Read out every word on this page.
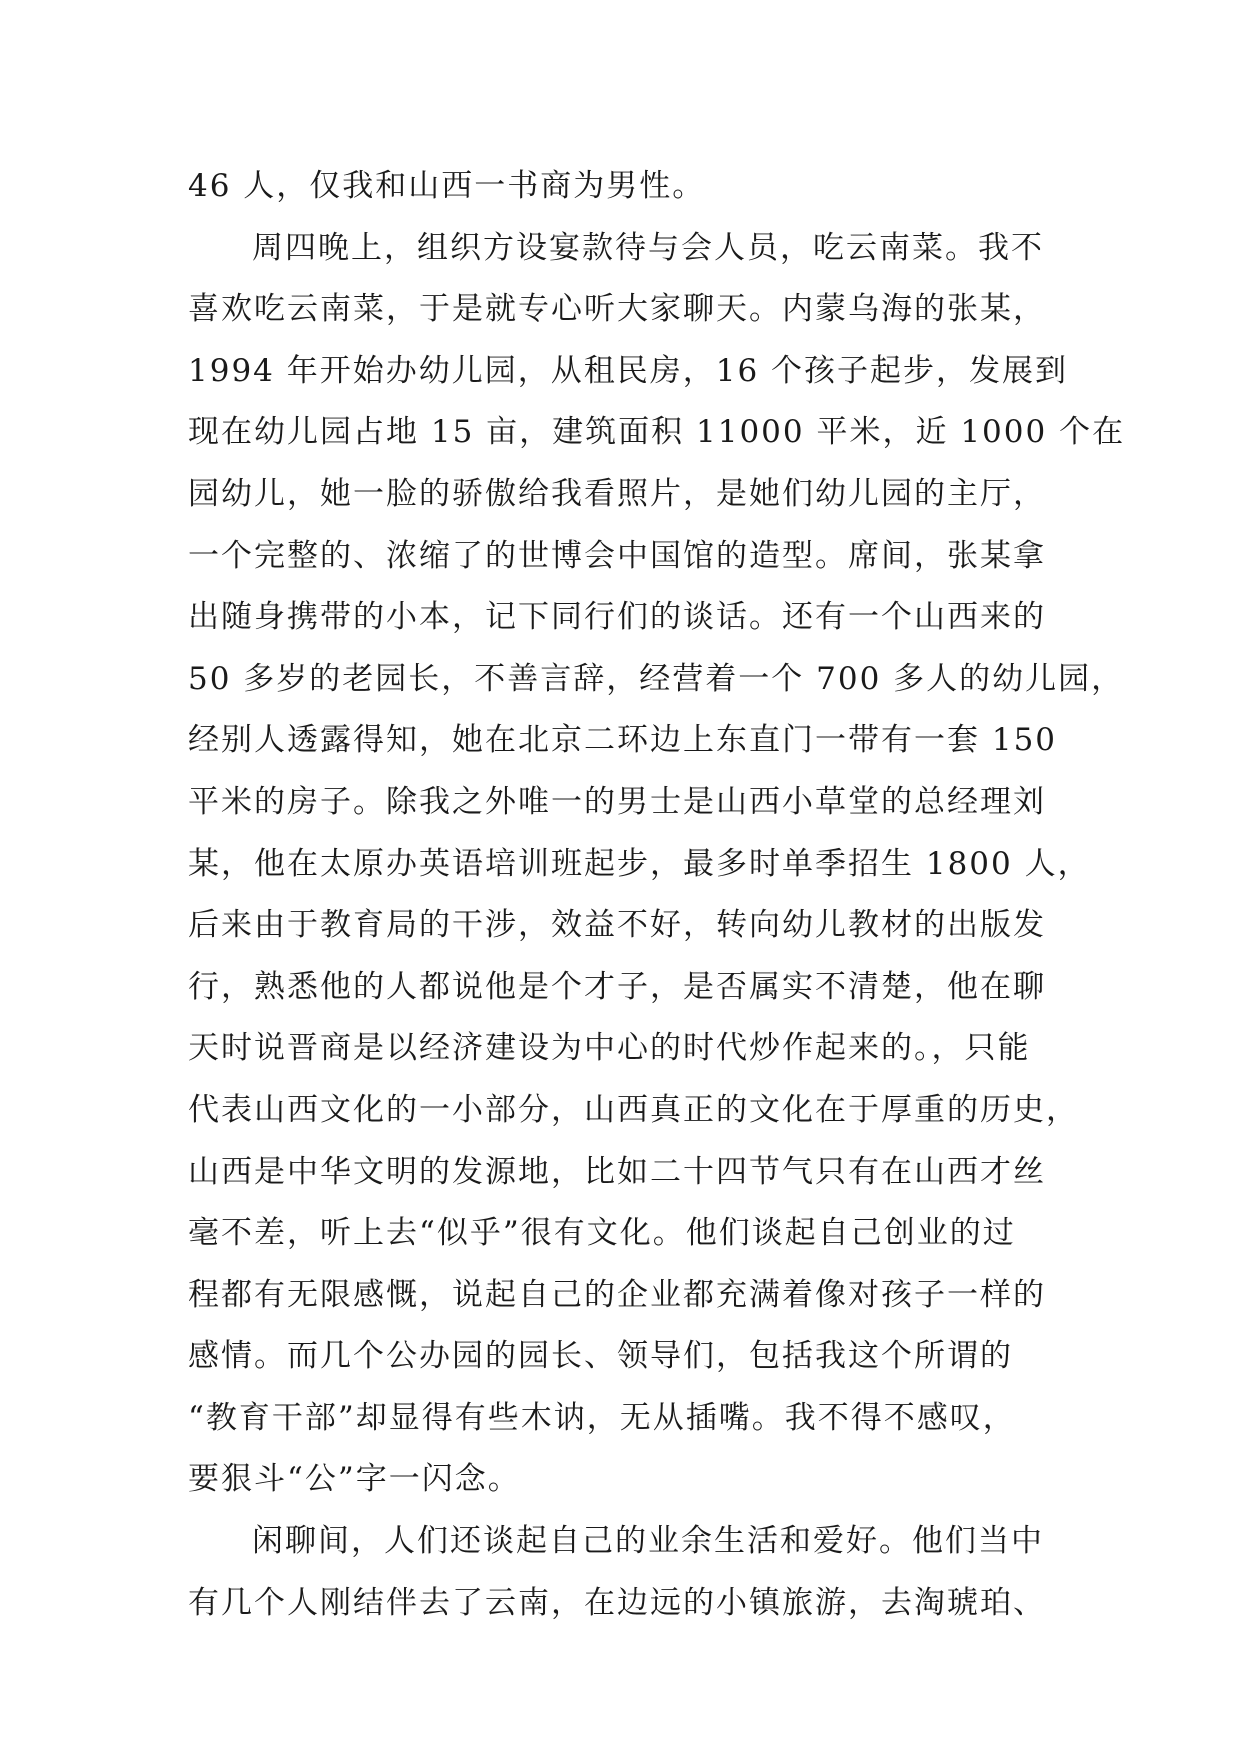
46 人，仅我和山西一书商为男性。
周四晚上，组织方设宴款待与会人员，吃云南菜。我不
喜欢吃云南菜，于是就专心听大家聊天。内蒙乌海的张某，
1994 年开始办幼儿园，从租民房，16 个孩子起步，发展到
现在幼儿园占地 15 亩，建筑面积 11000 平米，近 1000 个在
园幼儿，她一脸的骄傲给我看照片，是她们幼儿园的主厅，
一个完整的、浓缩了的世博会中国馆的造型。席间，张某拿
出随身携带的小本，记下同行们的谈话。还有一个山西来的
50 多岁的老园长，不善言辞，经营着一个 700 多人的幼儿园，
经别人透露得知，她在北京二环边上东直门一带有一套 150
平米的房子。除我之外唯一的男士是山西小草堂的总经理刘
某，他在太原办英语培训班起步，最多时单季招生 1800 人，
后来由于教育局的干涉，效益不好，转向幼儿教材的出版发
行，熟悉他的人都说他是个才子，是否属实不清楚，他在聊
天时说晋商是以经济建设为中心的时代炒作起来的。，只能
代表山西文化的一小部分，山西真正的文化在于厚重的历史，
山西是中华文明的发源地，比如二十四节气只有在山西才丝
毫不差，听上去“似乎”很有文化。他们谈起自己创业的过
程都有无限感慨，说起自己的企业都充满着像对孩子一样的
感情。而几个公办园的园长、领导们，包括我这个所谓的
“教育干部”却显得有些木讷，无从插嘴。我不得不感叹，
要狠斗“公”字一闪念。
闲聊间，人们还谈起自己的业余生活和爱好。他们当中
有几个人刚结伴去了云南，在边远的小镇旅游，去淘琥珀、
